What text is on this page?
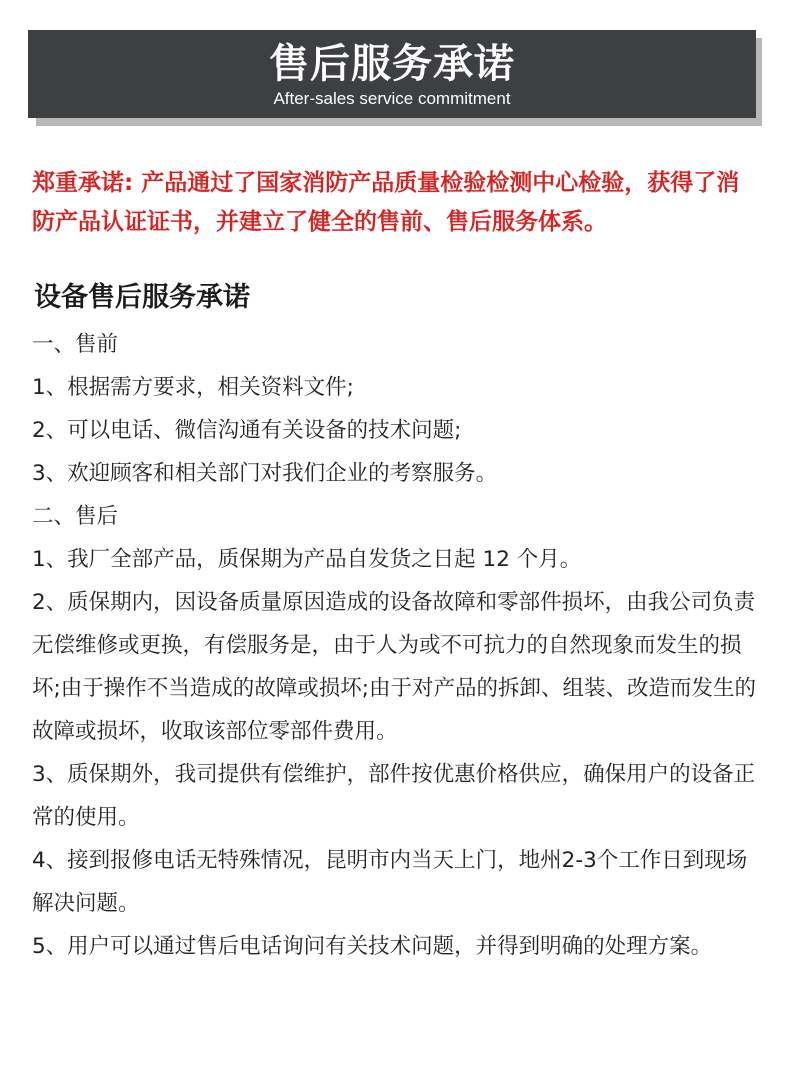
售后服务承诺
After-sales service commitment
郑重承诺: 产品通过了国家消防产品质量检验检测中心检验，获得了消防产品认证证书，并建立了健全的售前、售后服务体系。
设备售后服务承诺

一、售前

1、根据需方要求，相关资料文件;

2、可以电话、微信沟通有关设备的技术问题;

3、欢迎顾客和相关部门对我们企业的考察服务。

二、售后

1、我厂全部产品，质保期为产品自发货之日起 12 个月。

2、质保期内，因设备质量原因造成的设备故障和零部件损坏，由我公司负责无偿维修或更换，有偿服务是，由于人为或不可抗力的自然现象而发生的损坏;由于操作不当造成的故障或损坏;由于对产品的拆卸、组装、改造而发生的故障或损坏，收取该部位零部件费用。

3、质保期外，我司提供有偿维护，部件按优惠价格供应，确保用户的设备正常的使用。

4、接到报修电话无特殊情况，昆明市内当天上门，地州2-3个工作日到现场解决问题。

5、用户可以通过售后电话询问有关技术问题，并得到明确的处理方案。
